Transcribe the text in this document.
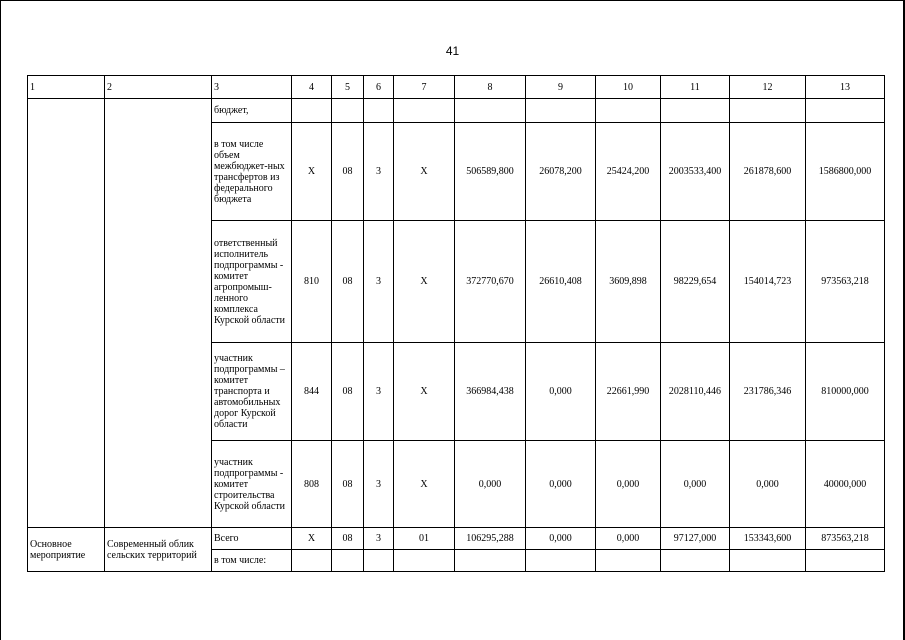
41
1	2	3	4	5	6	7	8	9	10	11	12	13
		бюджет,										
		в том числе объем межбюджет-ных трансфертов из федерального бюджета	X	08	3	X	506589,800	26078,200	25424,200	2003533,400	261878,600	1586800,000
		ответственный исполнитель подпрограммы - комитет агропромыш-ленного комплекса Курской области	810	08	3	X	372770,670	26610,408	3609,898	98229,654	154014,723	973563,218
		участник подпрограммы – комитет транспорта и автомобильных дорог Курской области	844	08	3	X	366984,438	0,000	22661,990	2028110,446	231786,346	810000,000
		участник подпрограммы - комитет строительства Курской области	808	08	3	X	0,000	0,000	0,000	0,000	0,000	40000,000
Основное мероприятие	Современный облик сельских территорий	Всего	X	08	3	01	106295,288	0,000	0,000	97127,000	153343,600	873563,218
		в том числе:										
